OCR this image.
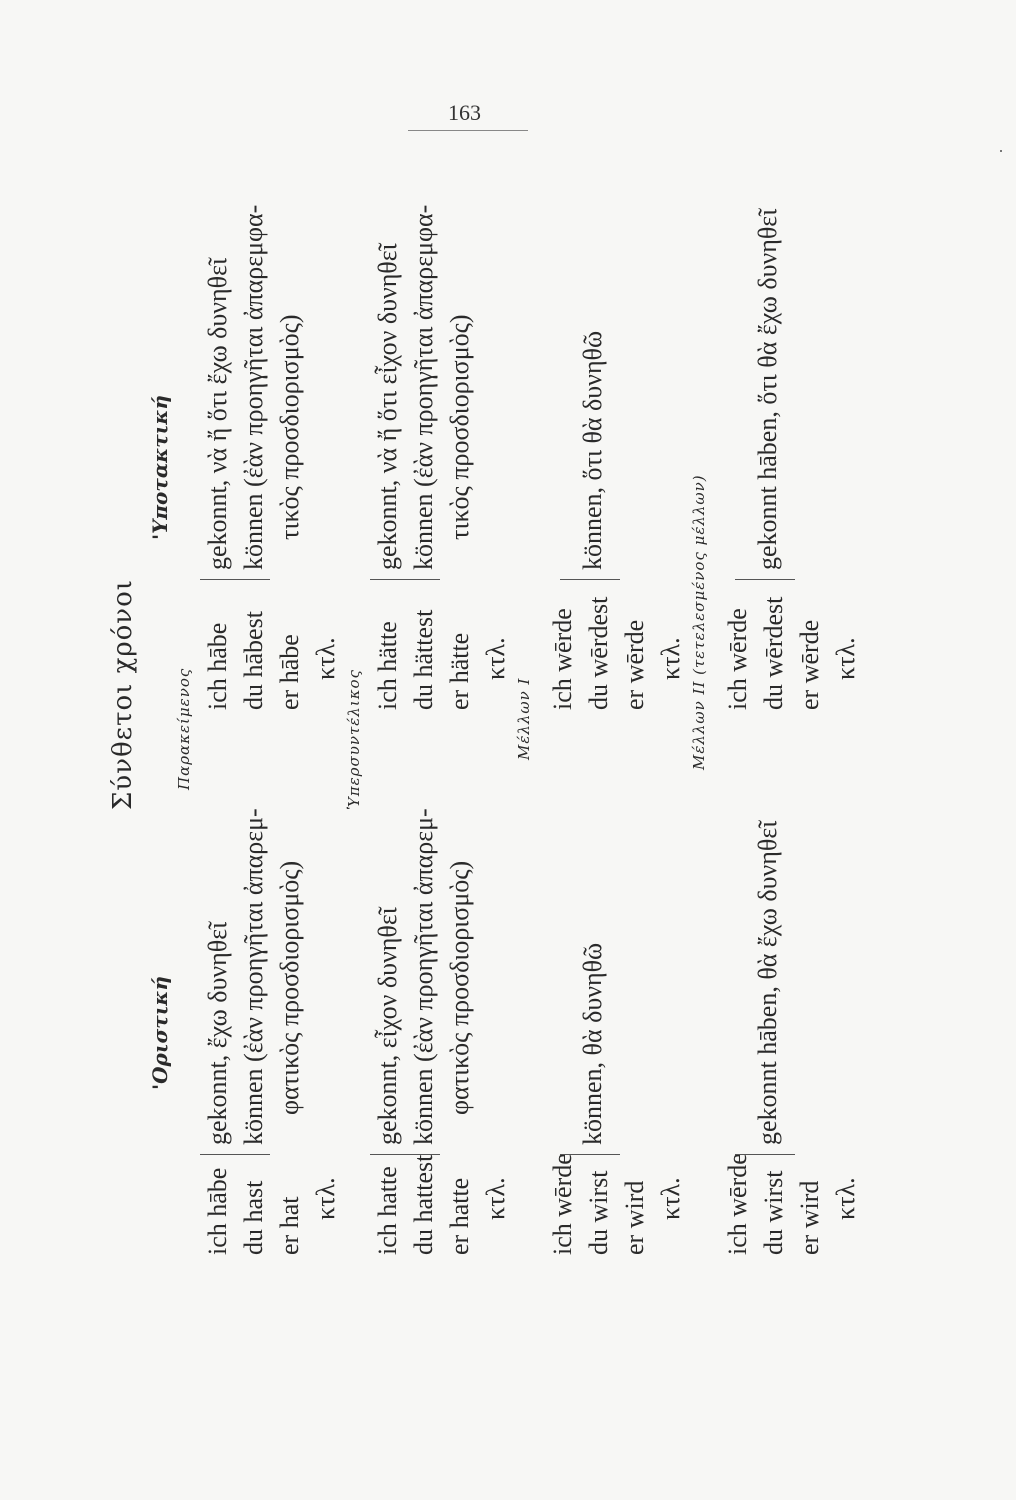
163
Σύνθετοι χρόνοι
'Οριστική
'Υποτακτική
Παρακείμενος
ich hābe du hast er hat κτλ.
gekonnt, ἔχω δυνηθεῖ können (ἐὰν προηγῆται ἀπαρεμ- φατικὸς προσδιορισμὸς)
ich hābe du hābest er hābe κτλ.
gekonnt, νὰ ἤ ὅτι ἔχω δυνηθεῖ können (ἐὰν προηγῆται ἀπαρεμφα- τικὸς προσδιορισμὸς)
Ὑπερσυντέλικος
ich hatte du hattest er hatte κτλ.
gekonnt, εἶχον δυνηθεῖ können (ἐὰν προηγῆται ἀπαρεμ- φατικὸς προσδιορισμὸς)
ich hätte du hättest er hätte κτλ.
gekonnt, νὰ ἤ ὅτι εἶχον δυνηθεῖ können (ἐὰν προηγῆται ἀπαρεμφα- τικὸς προσδιορισμὸς)
Μέλλων I
ich wērde du wirst er wird κτλ.
können, θὰ δυνηθῶ
ich wērde du wērdest er wērde κτλ.
können, ὅτι θὰ δυνηθῶ
Μέλλων II (τετελεσμένος μέλλων)
ich wērde du wirst er wird κτλ.
gekonnt hāben, θὰ ἔχω δυνηθεῖ
ich wērde du wērdest er wērde κτλ.
gekonnt hāben, ὅτι θὰ ἔχω δυνηθεῖ
